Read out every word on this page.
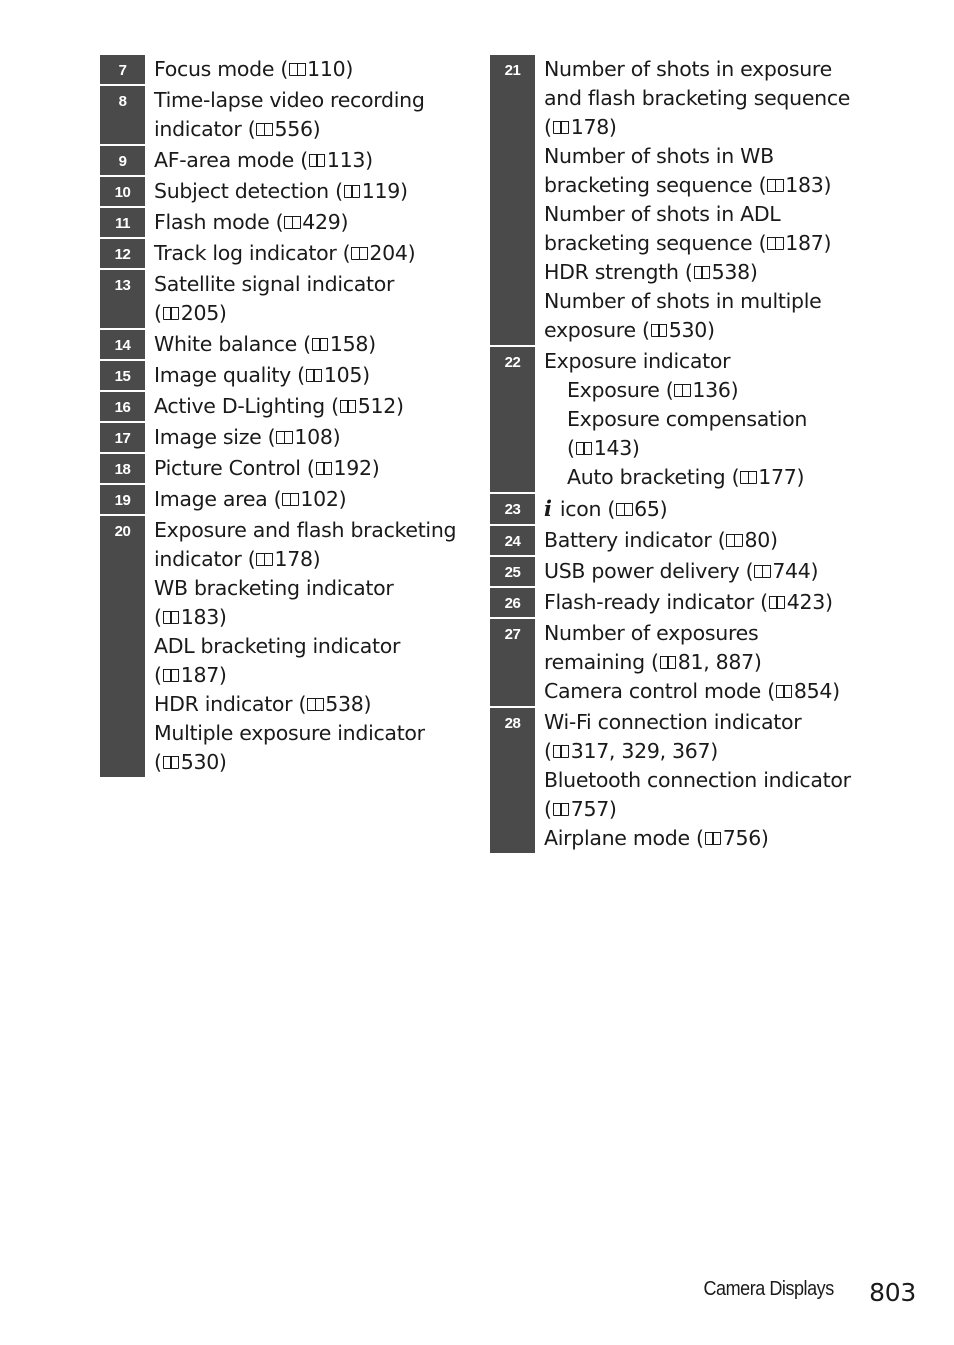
7	Focus mode ( 110)
8	Time-lapse video recording
indicator ( 556)
9	AF-area mode ( 113)
10	Subject detection ( 119)
11	Flash mode ( 429)
12	Track log indicator ( 204)
13	Satellite signal indicator
( 205)
14	White balance ( 158)
15	Image quality ( 105)
16	Active D-Lighting ( 512)
17	Image size ( 108)
18	Picture Control ( 192)
19	Image area ( 102)
20	Exposure and flash bracketing
indicator ( 178)
WB bracketing indicator
( 183)
ADL bracketing indicator
( 187)
HDR indicator ( 538)
Multiple exposure indicator
( 530)
21	Number of shots in exposure
and flash bracketing sequence
( 178)
Number of shots in WB
bracketing sequence ( 183)
Number of shots in ADL
bracketing sequence ( 187)
HDR strength ( 538)
Number of shots in multiple
exposure ( 530)
22	Exposure indicator
Exposure ( 136)
Exposure compensation
( 143)
Auto bracketing ( 177)
23	i icon ( 65)
24	Battery indicator ( 80)
25	USB power delivery ( 744)
26	Flash-ready indicator ( 423)
27	Number of exposures
remaining ( 81, 887)
Camera control mode ( 854)
28	Wi-Fi connection indicator
( 317, 329, 367)
Bluetooth connection indicator
( 757)
Airplane mode ( 756)
Camera Displays 803
